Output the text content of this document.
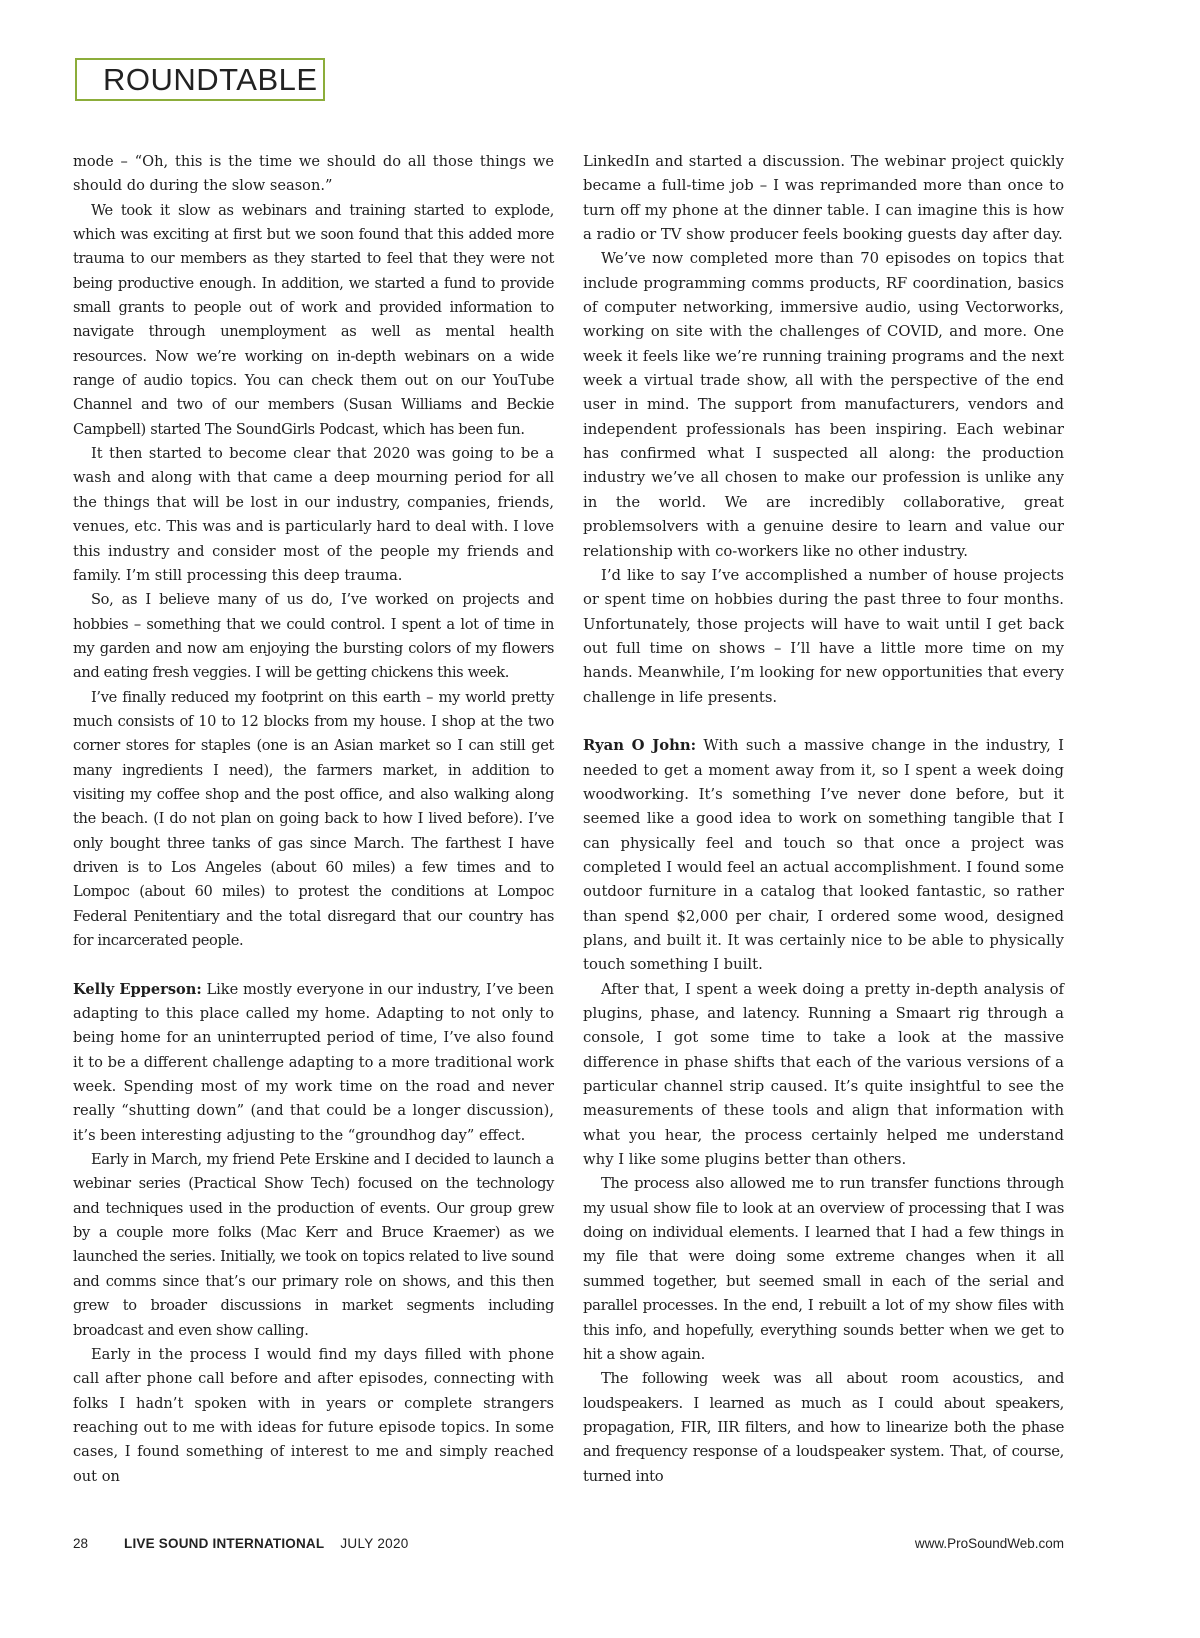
ROUNDTABLE

mode – “Oh, this is the time we should do all those things we should do during the slow season.”

We took it slow as webinars and training started to explode, which was exciting at first but we soon found that this added more trauma to our members as they started to feel that they were not being productive enough. In addition, we started a fund to provide small grants to people out of work and provided information to navigate through unemployment as well as mental health resources. Now we’re working on in-depth webinars on a wide range of audio topics. You can check them out on our YouTube Channel and two of our members (Susan Williams and Beckie Campbell) started The SoundGirls Podcast, which has been fun.

It then started to become clear that 2020 was going to be a wash and along with that came a deep mourning period for all the things that will be lost in our industry, companies, friends, venues, etc. This was and is particularly hard to deal with. I love this industry and consider most of the people my friends and family. I’m still processing this deep trauma.

So, as I believe many of us do, I’ve worked on projects and hobbies – something that we could control. I spent a lot of time in my garden and now am enjoying the bursting colors of my flowers and eating fresh veggies. I will be getting chickens this week.

I’ve finally reduced my footprint on this earth – my world pretty much consists of 10 to 12 blocks from my house. I shop at the two corner stores for staples (one is an Asian market so I can still get many ingredients I need), the farmers market, in addition to visiting my coffee shop and the post office, and also walking along the beach. (I do not plan on going back to how I lived before). I’ve only bought three tanks of gas since March. The farthest I have driven is to Los Angeles (about 60 miles) a few times and to Lompoc (about 60 miles) to protest the conditions at Lompoc Federal Penitentiary and the total disregard that our country has for incarcerated people.

Kelly Epperson: Like mostly everyone in our industry, I’ve been adapting to this place called my home. Adapting to not only to being home for an uninterrupted period of time, I’ve also found it to be a different challenge adapting to a more traditional work week. Spending most of my work time on the road and never really “shutting down” (and that could be a longer discussion), it’s been interesting adjusting to the “groundhog day” effect.

Early in March, my friend Pete Erskine and I decided to launch a webinar series (Practical Show Tech) focused on the technology and techniques used in the production of events. Our group grew by a couple more folks (Mac Kerr and Bruce Kraemer) as we launched the series. Initially, we took on topics related to live sound and comms since that’s our primary role on shows, and this then grew to broader discussions in market segments including broadcast and even show calling.

Early in the process I would find my days filled with phone call after phone call before and after episodes, connecting with folks I hadn’t spoken with in years or complete strangers reaching out to me with ideas for future episode topics. In some cases, I found something of interest to me and simply reached out on

LinkedIn and started a discussion. The webinar project quickly became a full-time job – I was reprimanded more than once to turn off my phone at the dinner table. I can imagine this is how a radio or TV show producer feels booking guests day after day.

We’ve now completed more than 70 episodes on topics that include programming comms products, RF coordination, basics of computer networking, immersive audio, using Vectorworks, working on site with the challenges of COVID, and more. One week it feels like we’re running training programs and the next week a virtual trade show, all with the perspective of the end user in mind. The support from manufacturers, vendors and independent professionals has been inspiring. Each webinar has confirmed what I suspected all along: the production industry we’ve all chosen to make our profession is unlike any in the world. We are incredibly collaborative, great problemsolvers with a genuine desire to learn and value our relationship with co-workers like no other industry.

I’d like to say I’ve accomplished a number of house projects or spent time on hobbies during the past three to four months. Unfortunately, those projects will have to wait until I get back out full time on shows – I’ll have a little more time on my hands. Meanwhile, I’m looking for new opportunities that every challenge in life presents.

Ryan O John: With such a massive change in the industry, I needed to get a moment away from it, so I spent a week doing woodworking. It’s something I’ve never done before, but it seemed like a good idea to work on something tangible that I can physically feel and touch so that once a project was completed I would feel an actual accomplishment. I found some outdoor furniture in a catalog that looked fantastic, so rather than spend $2,000 per chair, I ordered some wood, designed plans, and built it. It was certainly nice to be able to physically touch something I built.

After that, I spent a week doing a pretty in-depth analysis of plugins, phase, and latency. Running a Smaart rig through a console, I got some time to take a look at the massive difference in phase shifts that each of the various versions of a particular channel strip caused. It’s quite insightful to see the measurements of these tools and align that information with what you hear, the process certainly helped me understand why I like some plugins better than others.

The process also allowed me to run transfer functions through my usual show file to look at an overview of processing that I was doing on individual elements. I learned that I had a few things in my file that were doing some extreme changes when it all summed together, but seemed small in each of the serial and parallel processes. In the end, I rebuilt a lot of my show files with this info, and hopefully, everything sounds better when we get to hit a show again.

The following week was all about room acoustics, and loudspeakers. I learned as much as I could about speakers, propagation, FIR, IIR filters, and how to linearize both the phase and frequency response of a loudspeaker system. That, of course, turned into

28	LIVE SOUND INTERNATIONAL JULY 2020	www.ProSoundWeb.com
